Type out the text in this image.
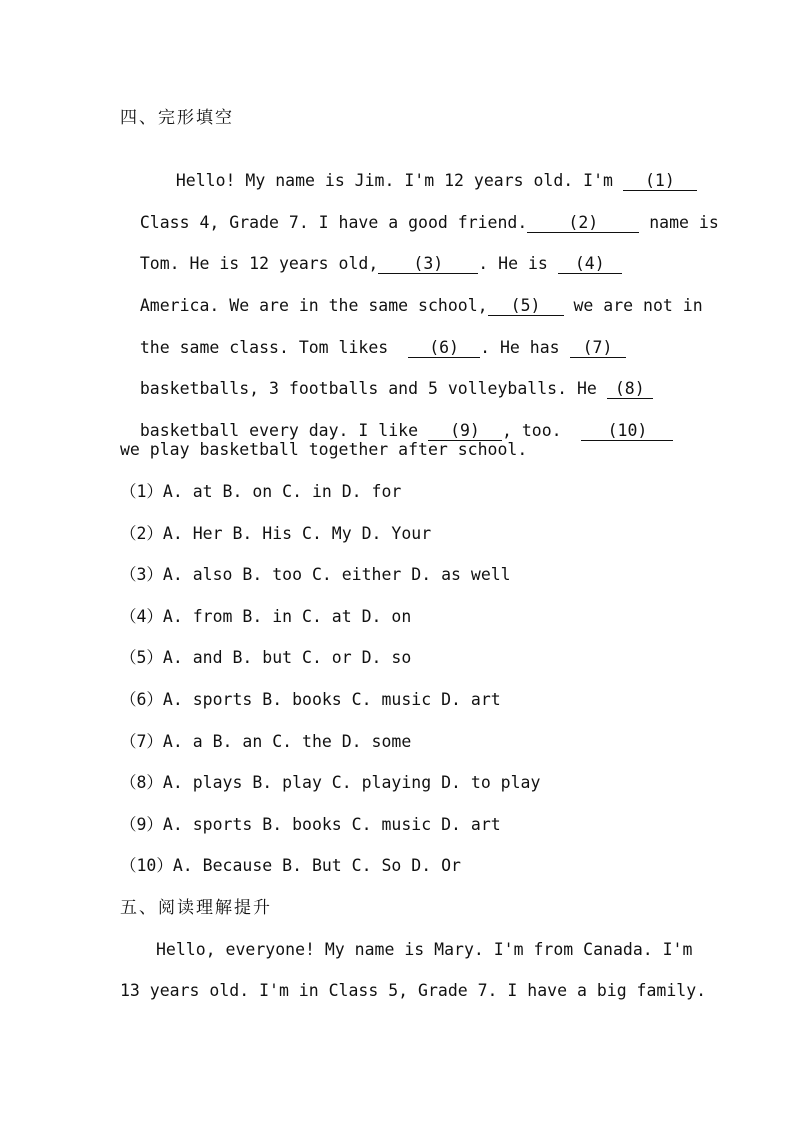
四、完形填空

Hello! My name is Jim. I'm 12 years old. I'm (1)

Class 4, Grade 7. I have a good friend. (2) name is

Tom. He is 12 years old, (3) . He is (4)

America. We are in the same school, (5) we are not in

the same class. Tom likes  (6) . He has (7)

basketballs, 3 footballs and 5 volleyballs. He (8)

basketball every day. I like (9) , too.  (10)

we play basketball together after school.
（1）A. at B. on C. in D. for
（2）A. Her B. His C. My D. Your
（3）A. also B. too C. either D. as well
（4）A. from B. in C. at D. on
（5）A. and B. but C. or D. so
（6）A. sports B. books C. music D. art
（7）A. a B. an C. the D. some
（8）A. plays B. play C. playing D. to play
（9）A. sports B. books C. music D. art
（10）A. Because B. But C. So D. Or
五、阅读理解提升
Hello, everyone! My name is Mary. I'm from Canada. I'm
13 years old. I'm in Class 5, Grade 7. I have a big family.
